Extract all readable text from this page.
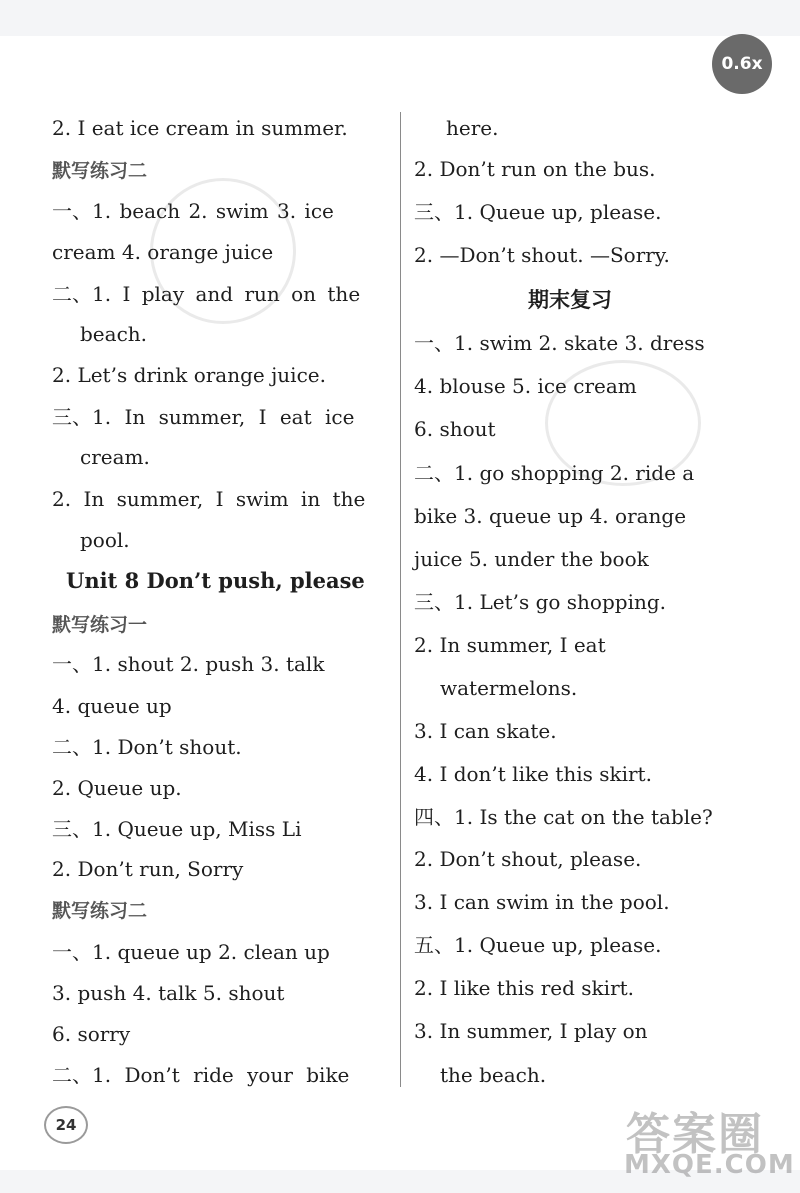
0.6x
2. I eat ice cream in summer.
默写练习二
一、1. beach 2. swim 3. ice
cream 4. orange juice
二、1. I play and run on the
beach.
2. Let’s drink orange juice.
三、1. In summer, I eat ice
cream.
2. In summer, I swim in the
pool.
Unit 8 Don’t push, please
默写练习一
一、1. shout 2. push 3. talk
4. queue up
二、1. Don’t shout.
2. Queue up.
三、1. Queue up, Miss Li
2. Don’t run, Sorry
默写练习二
一、1. queue up 2. clean up
3. push 4. talk 5. shout
6. sorry
二、1. Don’t ride your bike
here.
2. Don’t run on the bus.
三、1. Queue up, please.
2. —Don’t shout. —Sorry.
期末复习
一、1. swim 2. skate 3. dress
4. blouse 5. ice cream
6. shout
二、1. go shopping 2. ride a
bike 3. queue up 4. orange
juice 5. under the book
三、1. Let’s go shopping.
2. In summer, I eat
watermelons.
3. I can skate.
4. I don’t like this skirt.
四、1. Is the cat on the table?
2. Don’t shout, please.
3. I can swim in the pool.
五、1. Queue up, please.
2. I like this red skirt.
3. In summer, I play on
the beach.
24	答案圈
MXQE.COM
